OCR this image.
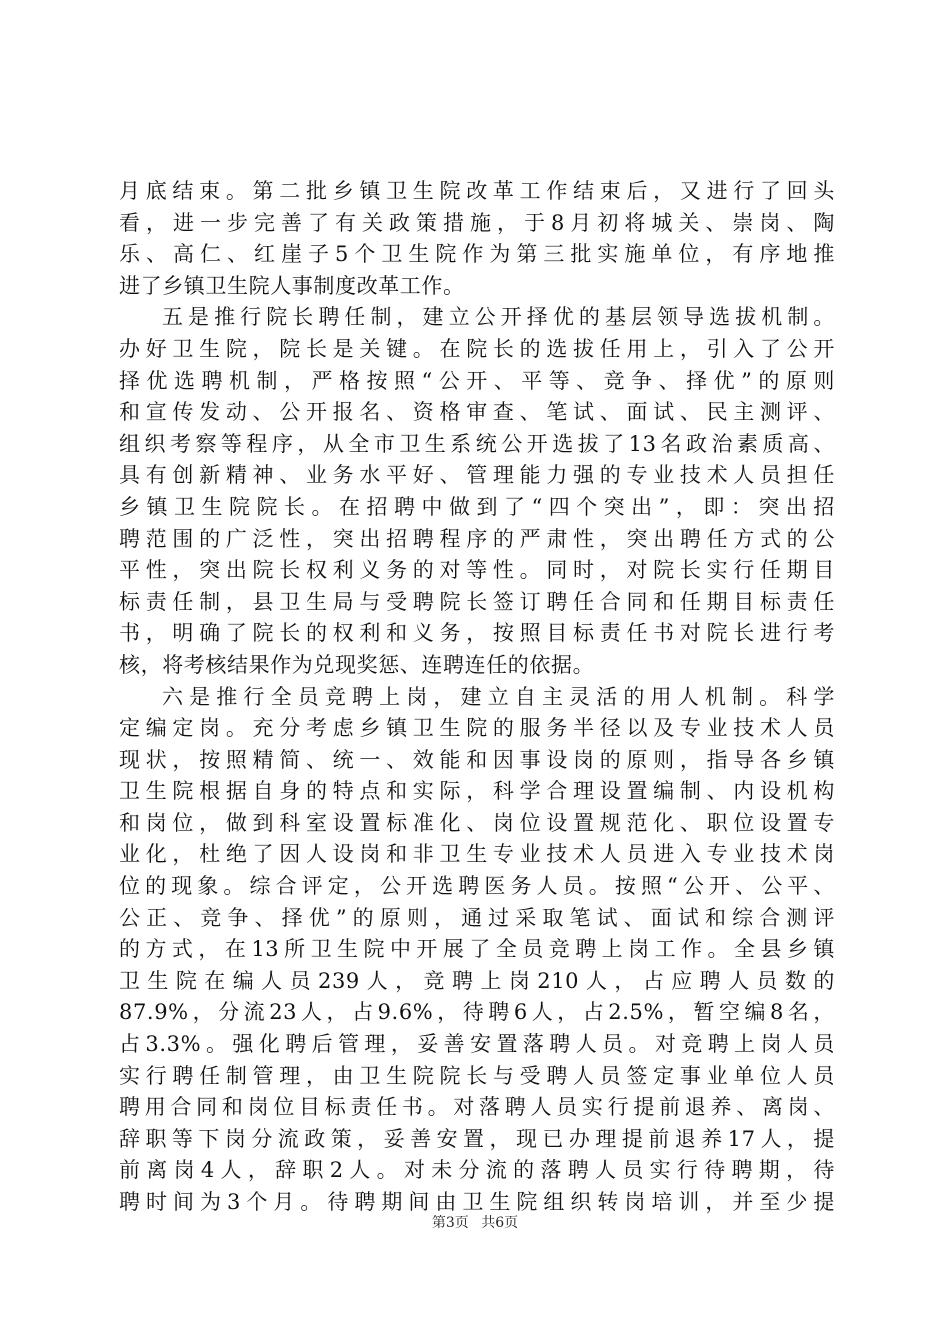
月底结束。第二批乡镇卫生院改革工作结束后，又进行了回头
看，进一步完善了有关政策措施，于8月初将城关、崇岗、陶
乐、高仁、红崖子5个卫生院作为第三批实施单位，有序地推
进了乡镇卫生院人事制度改革工作。
五是推行院长聘任制，建立公开择优的基层领导选拔机制。
办好卫生院，院长是关键。在院长的选拔任用上，引入了公开
择优选聘机制，严格按照“公开、平等、竞争、择优”的原则
和宣传发动、公开报名、资格审查、笔试、面试、民主测评、
组织考察等程序，从全市卫生系统公开选拔了13名政治素质高、
具有创新精神、业务水平好、管理能力强的专业技术人员担任
乡镇卫生院院长。在招聘中做到了“四个突出”，即：突出招
聘范围的广泛性，突出招聘程序的严肃性，突出聘任方式的公
平性，突出院长权利义务的对等性。同时，对院长实行任期目
标责任制，县卫生局与受聘院长签订聘任合同和任期目标责任
书，明确了院长的权利和义务，按照目标责任书对院长进行考
核，将考核结果作为兑现奖惩、连聘连任的依据。
六是推行全员竞聘上岗，建立自主灵活的用人机制。科学
定编定岗。充分考虑乡镇卫生院的服务半径以及专业技术人员
现状，按照精简、统一、效能和因事设岗的原则，指导各乡镇
卫生院根据自身的特点和实际，科学合理设置编制、内设机构
和岗位，做到科室设置标准化、岗位设置规范化、职位设置专
业化，杜绝了因人设岗和非卫生专业技术人员进入专业技术岗
位的现象。综合评定，公开选聘医务人员。按照“公开、公平、
公正、竞争、择优”的原则，通过采取笔试、面试和综合测评
的方式，在13所卫生院中开展了全员竞聘上岗工作。全县乡镇
卫生院在编人员239人，竞聘上岗210人，占应聘人员数的
87.9%，分流23人，占9.6%，待聘6人，占2.5%，暂空编8名，
占3.3%。强化聘后管理，妥善安置落聘人员。对竞聘上岗人员
实行聘任制管理，由卫生院院长与受聘人员签定事业单位人员
聘用合同和岗位目标责任书。对落聘人员实行提前退养、离岗、
辞职等下岗分流政策，妥善安置，现已办理提前退养17人，提
前离岗4人，辞职2人。对未分流的落聘人员实行待聘期，待
聘时间为3个月。待聘期间由卫生院组织转岗培训，并至少提
第3页 共6页
